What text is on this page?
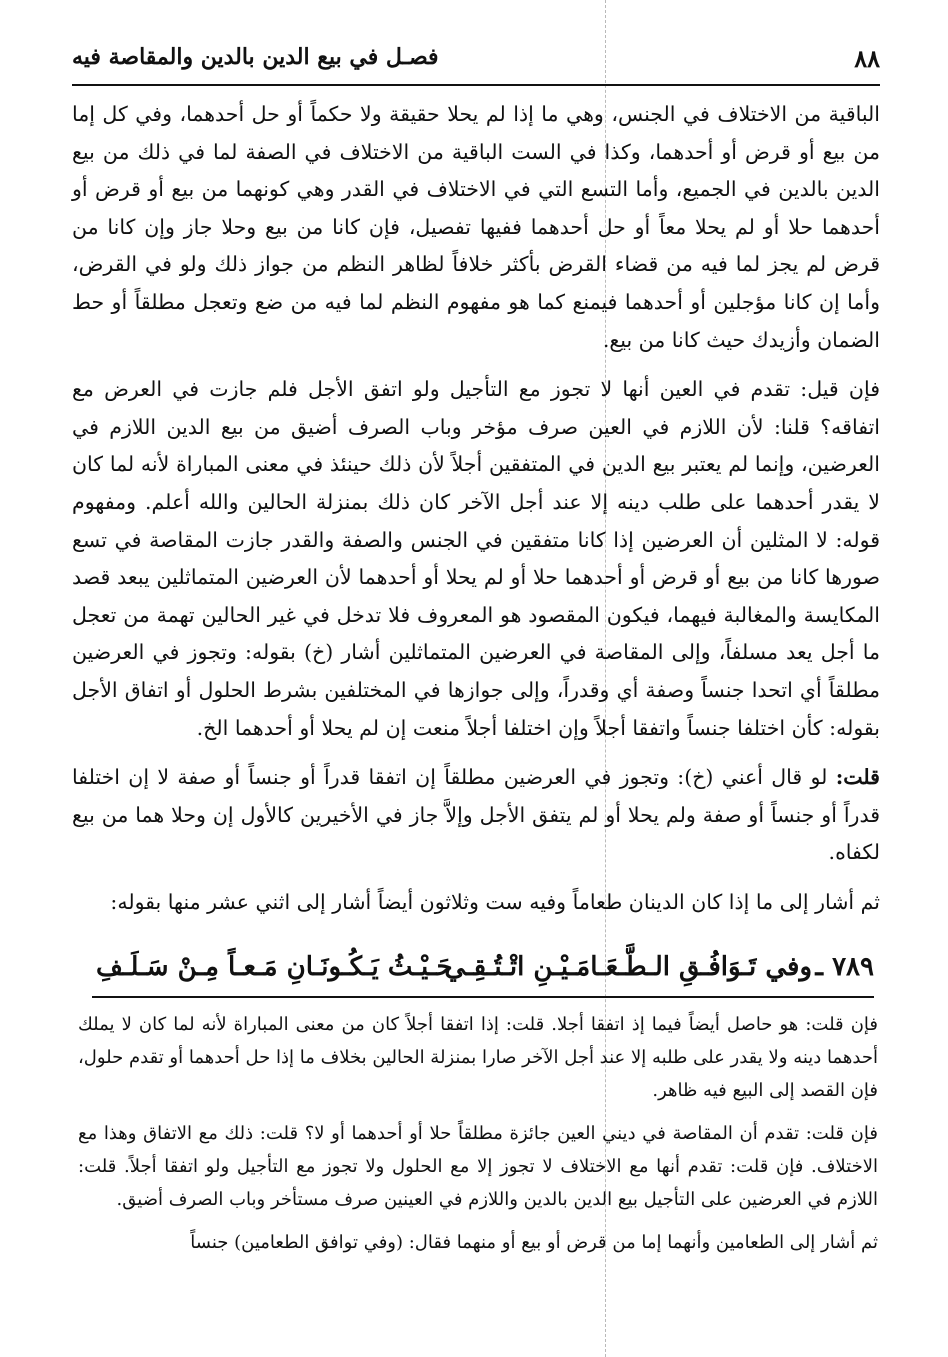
٨٨
فصـل في بيع الدين بالدين والمقاصة فيه

الباقية من الاختلاف في الجنس، وهي ما إذا لم يحلا حقيقة ولا حكماً أو حل أحدهما، وفي كل إما من بيع أو قرض أو أحدهما، وكذا في الست الباقية من الاختلاف في الصفة لما في ذلك من بيع الدين بالدين في الجميع، وأما التسع التي في الاختلاف في القدر وهي كونهما من بيع أو قرض أو أحدهما حلا أو لم يحلا معاً أو حل أحدهما ففيها تفصيل، فإن كانا من بيع وحلا جاز وإن كانا من قرض لم يجز لما فيه من قضاء القرض بأكثر خلافاً لظاهر النظم من جواز ذلك ولو في القرض، وأما إن كانا مؤجلين أو أحدهما فيمنع كما هو مفهوم النظم لما فيه من ضع وتعجل مطلقاً أو حط الضمان وأزيدك حيث كانا من بيع.

فإن قيل: تقدم في العين أنها لا تجوز مع التأجيل ولو اتفق الأجل فلم جازت في العرض مع اتفاقه؟ قلنا: لأن اللازم في العين صرف مؤخر وباب الصرف أضيق من بيع الدين اللازم في العرضين، وإنما لم يعتبر بيع الدين في المتفقين أجلاً لأن ذلك حينئذ في معنى المباراة لأنه لما كان لا يقدر أحدهما على طلب دينه إلا عند أجل الآخر كان ذلك بمنزلة الحالين والله أعلم. ومفهوم قوله: لا المثلين أن العرضين إذا كانا متفقين في الجنس والصفة والقدر جازت المقاصة في تسع صورها كانا من بيع أو قرض أو أحدهما حلا أو لم يحلا أو أحدهما لأن العرضين المتماثلين يبعد قصد المكايسة والمغالبة فيهما، فيكون المقصود هو المعروف فلا تدخل في غير الحالين تهمة من تعجل ما أجل يعد مسلفاً، وإلى المقاصة في العرضين المتماثلين أشار (خ) بقوله: وتجوز في العرضين مطلقاً أي اتحدا جنساً وصفة أي وقدراً، وإلى جوازها في المختلفين بشرط الحلول أو اتفاق الأجل بقوله: كأن اختلفا جنساً واتفقا أجلاً وإن اختلفا أجلاً منعت إن لم يحلا أو أحدهما الخ.

قلت: لو قال أعني (خ): وتجوز في العرضين مطلقاً إن اتفقا قدراً أو جنساً أو صفة لا إن اختلفا قدراً أو جنساً أو صفة ولم يحلا أو لم يتفق الأجل وإلاَّ جاز في الأخيرين كالأول إن وحلا هما من بيع لكفاه.

ثم أشار إلى ما إذا كان الدينان طعاماً وفيه ست وثلاثون أيضاً أشار إلى اثني عشر منها بقوله:

٧٨٩ ـ
وفي تَـوَافُـقِ الـطَّـعَـامَـيْـنِ اتْـتُـقِـي
حَـيْـثُ يَـكُـونَـانِ مَـعـاً مِـنْ سَـلَـفِ

فإن قلت: هو حاصل أيضاً فيما إذ اتفقا أجلا. قلت: إذا اتفقا أجلاً كان من معنى المباراة لأنه لما كان لا يملك أحدهما دينه ولا يقدر على طلبه إلا عند أجل الآخر صارا بمنزلة الحالين بخلاف ما إذا حل أحدهما أو تقدم حلول، فإن القصد إلى البيع فيه ظاهر.

فإن قلت: تقدم أن المقاصة في ديني العين جائزة مطلقاً حلا أو أحدهما أو لا؟ قلت: ذلك مع الاتفاق وهذا مع الاختلاف. فإن قلت: تقدم أنها مع الاختلاف لا تجوز إلا مع الحلول ولا تجوز مع التأجيل ولو اتفقا أجلاً. قلت: اللازم في العرضين على التأجيل بيع الدين بالدين واللازم في العينين صرف مستأخر وباب الصرف أضيق.

ثم أشار إلى الطعامين وأنهما إما من قرض أو بيع أو منهما فقال: (وفي توافق الطعامين) جنساً
